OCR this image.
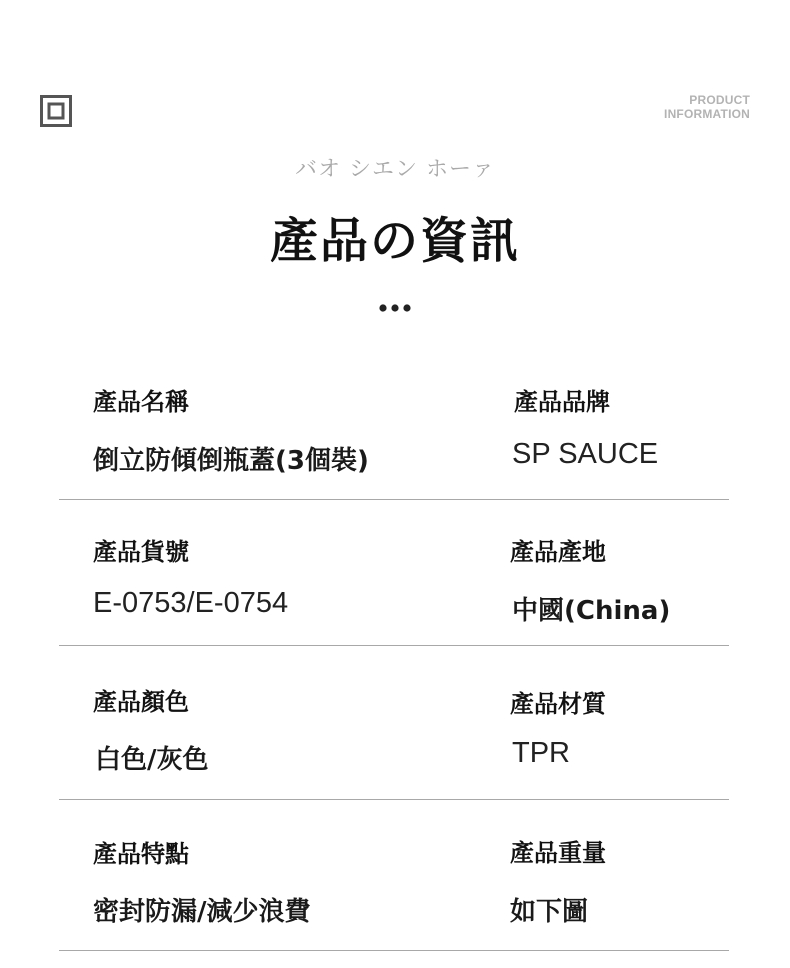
PRODUCT
INFORMATION
バオ シエン ホーァ
產品の資訊
產品名稱
倒立防傾倒瓶蓋(3個裝)
產品品牌
SP SAUCE
產品貨號
E-0753/E-0754
產品產地
中國(China)
產品顏色
白色/灰色
產品材質
TPR
產品特點
密封防漏/減少浪費
產品重量
如下圖
